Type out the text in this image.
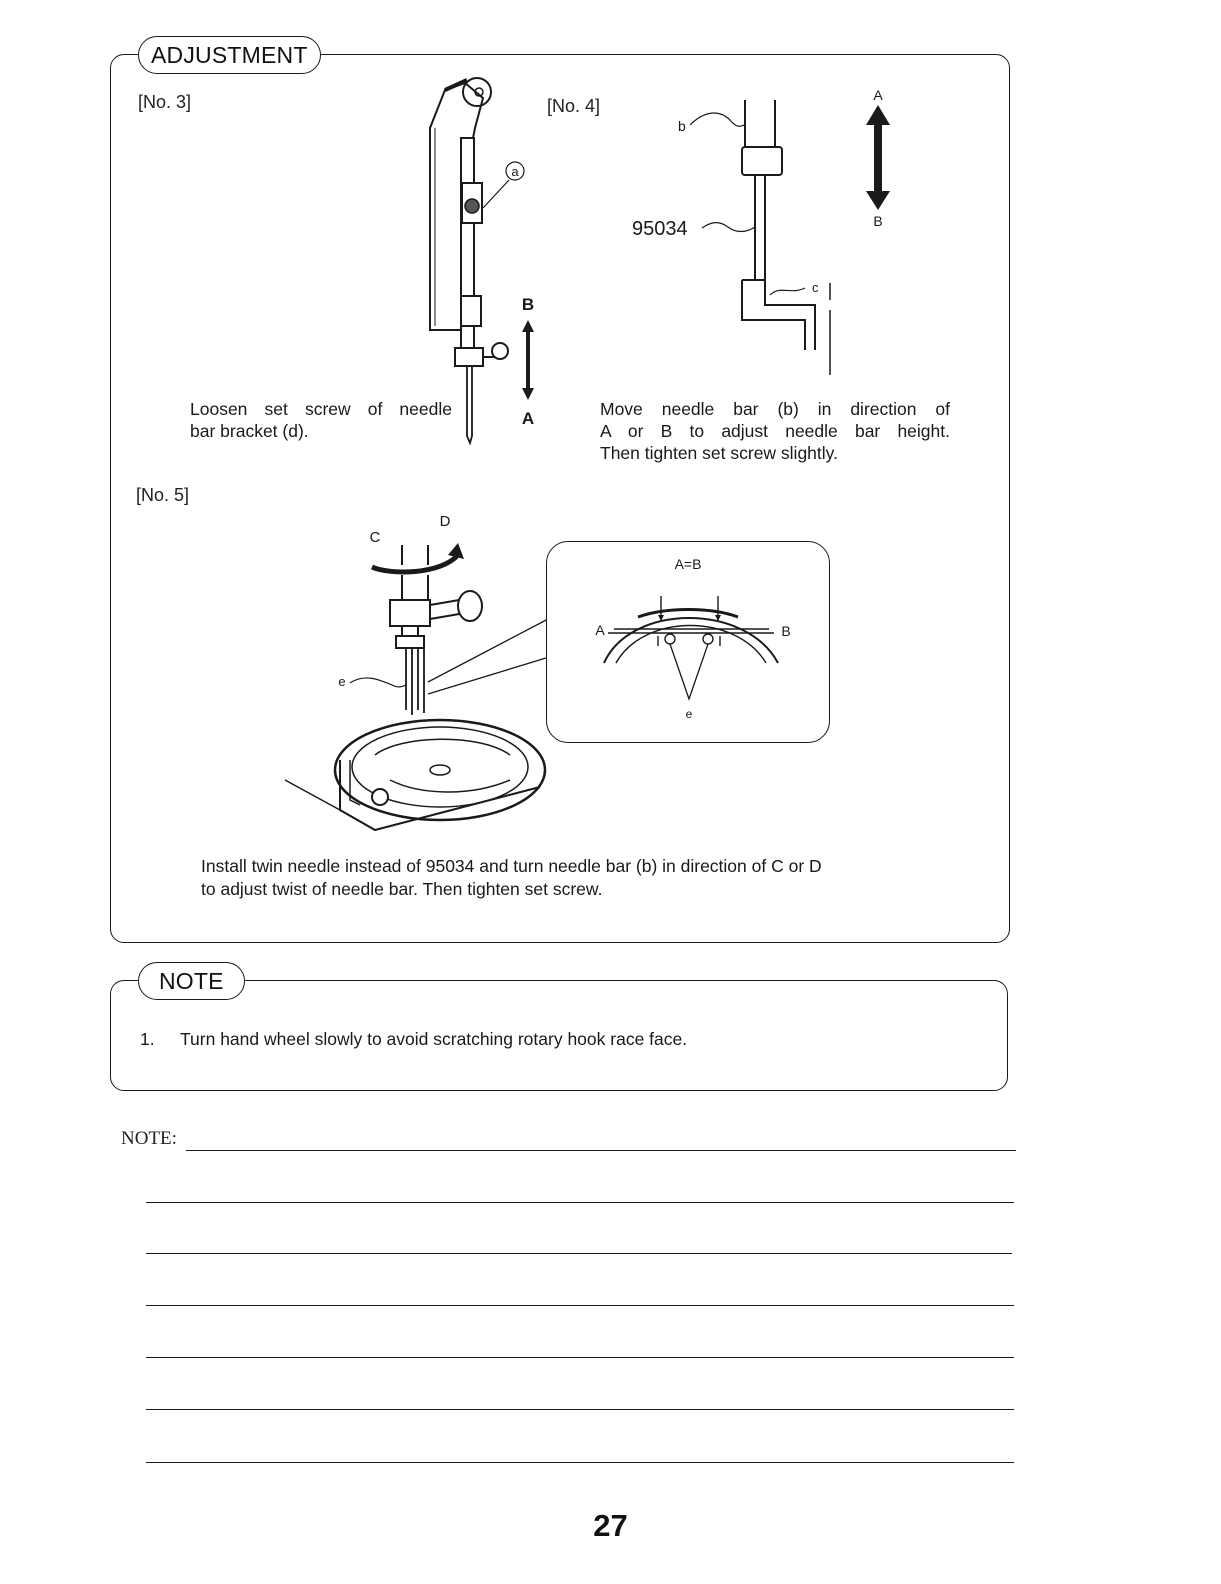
ADJUSTMENT
[No. 3]
a
B
A
Loosen set screw of needle
bar bracket (d).
[No. 4]
b
95034
c
A
B
Move needle bar (b) in direction of
A or B to adjust needle bar height.
Then tighten set screw slightly.
[No. 5]
C
D
e
A=B
A	B
e
Install twin needle instead of 95034 and turn needle bar (b) in direction of C or D
to adjust twist of needle bar. Then tighten set screw.
NOTE
1. Turn hand wheel slowly to avoid scratching rotary hook race face.
NOTE:
27
